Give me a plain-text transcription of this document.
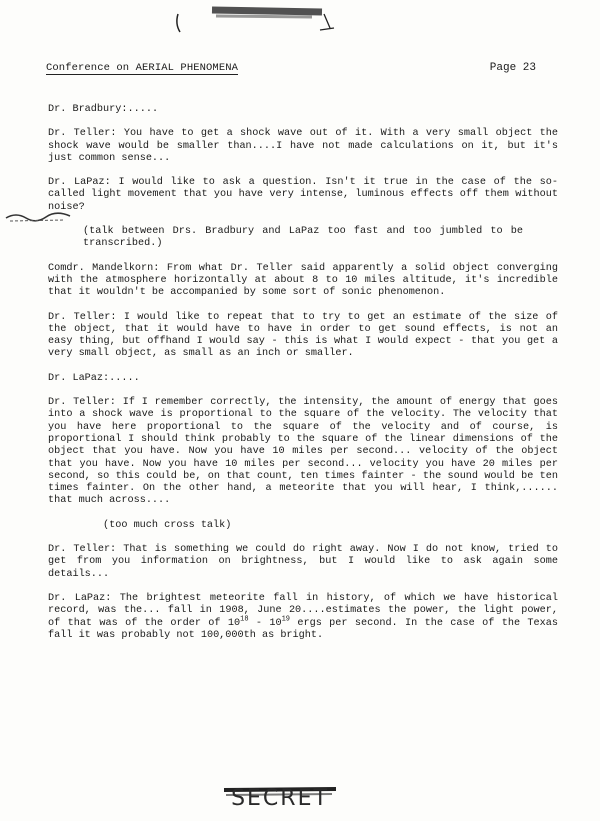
Conference on AERIAL PHENOMENA	Page 23

Dr. Bradbury:.....

Dr. Teller: You have to get a shock wave out of it. With a very small object the shock wave would be smaller than....I have not made calculations on it, but it's just common sense...

Dr. LaPaz: I would like to ask a question. Isn't it true in the case of the so-called light movement that you have very intense, luminous effects off them without noise?

(talk between Drs. Bradbury and LaPaz too fast and too jumbled to be transcribed.)

Comdr. Mandelkorn: From what Dr. Teller said apparently a solid object converging with the atmosphere horizontally at about 8 to 10 miles altitude, it's incredible that it wouldn't be accompanied by some sort of sonic phenomenon.

Dr. Teller: I would like to repeat that to try to get an estimate of the size of the object, that it would have to have in order to get sound effects, is not an easy thing, but offhand I would say - this is what I would expect - that you get a very small object, as small as an inch or smaller.

Dr. LaPaz:.....

Dr. Teller: If I remember correctly, the intensity, the amount of energy that goes into a shock wave is proportional to the square of the velocity. The velocity that you have here proportional to the square of the velocity and of course, is proportional I should think probably to the square of the linear dimensions of the object that you have. Now you have 10 miles per second... velocity of the object that you have. Now you have 10 miles per second... velocity you have 20 miles per second, so this could be, on that count, ten times fainter - the sound would be ten times fainter. On the other hand, a meteorite that you will hear, I think,...... that much across....

(too much cross talk)

Dr. Teller: That is something we could do right away. Now I do not know, tried to get from you information on brightness, but I would like to ask again some details...

Dr. LaPaz: The brightest meteorite fall in history, of which we have historical record, was the... fall in 1908, June 20....estimates the power, the light power, of that was of the order of $10^{18} - 10^{19}$ ergs per second. In the case of the Texas fall it was probably not 100,000th as bright.

SECRET
